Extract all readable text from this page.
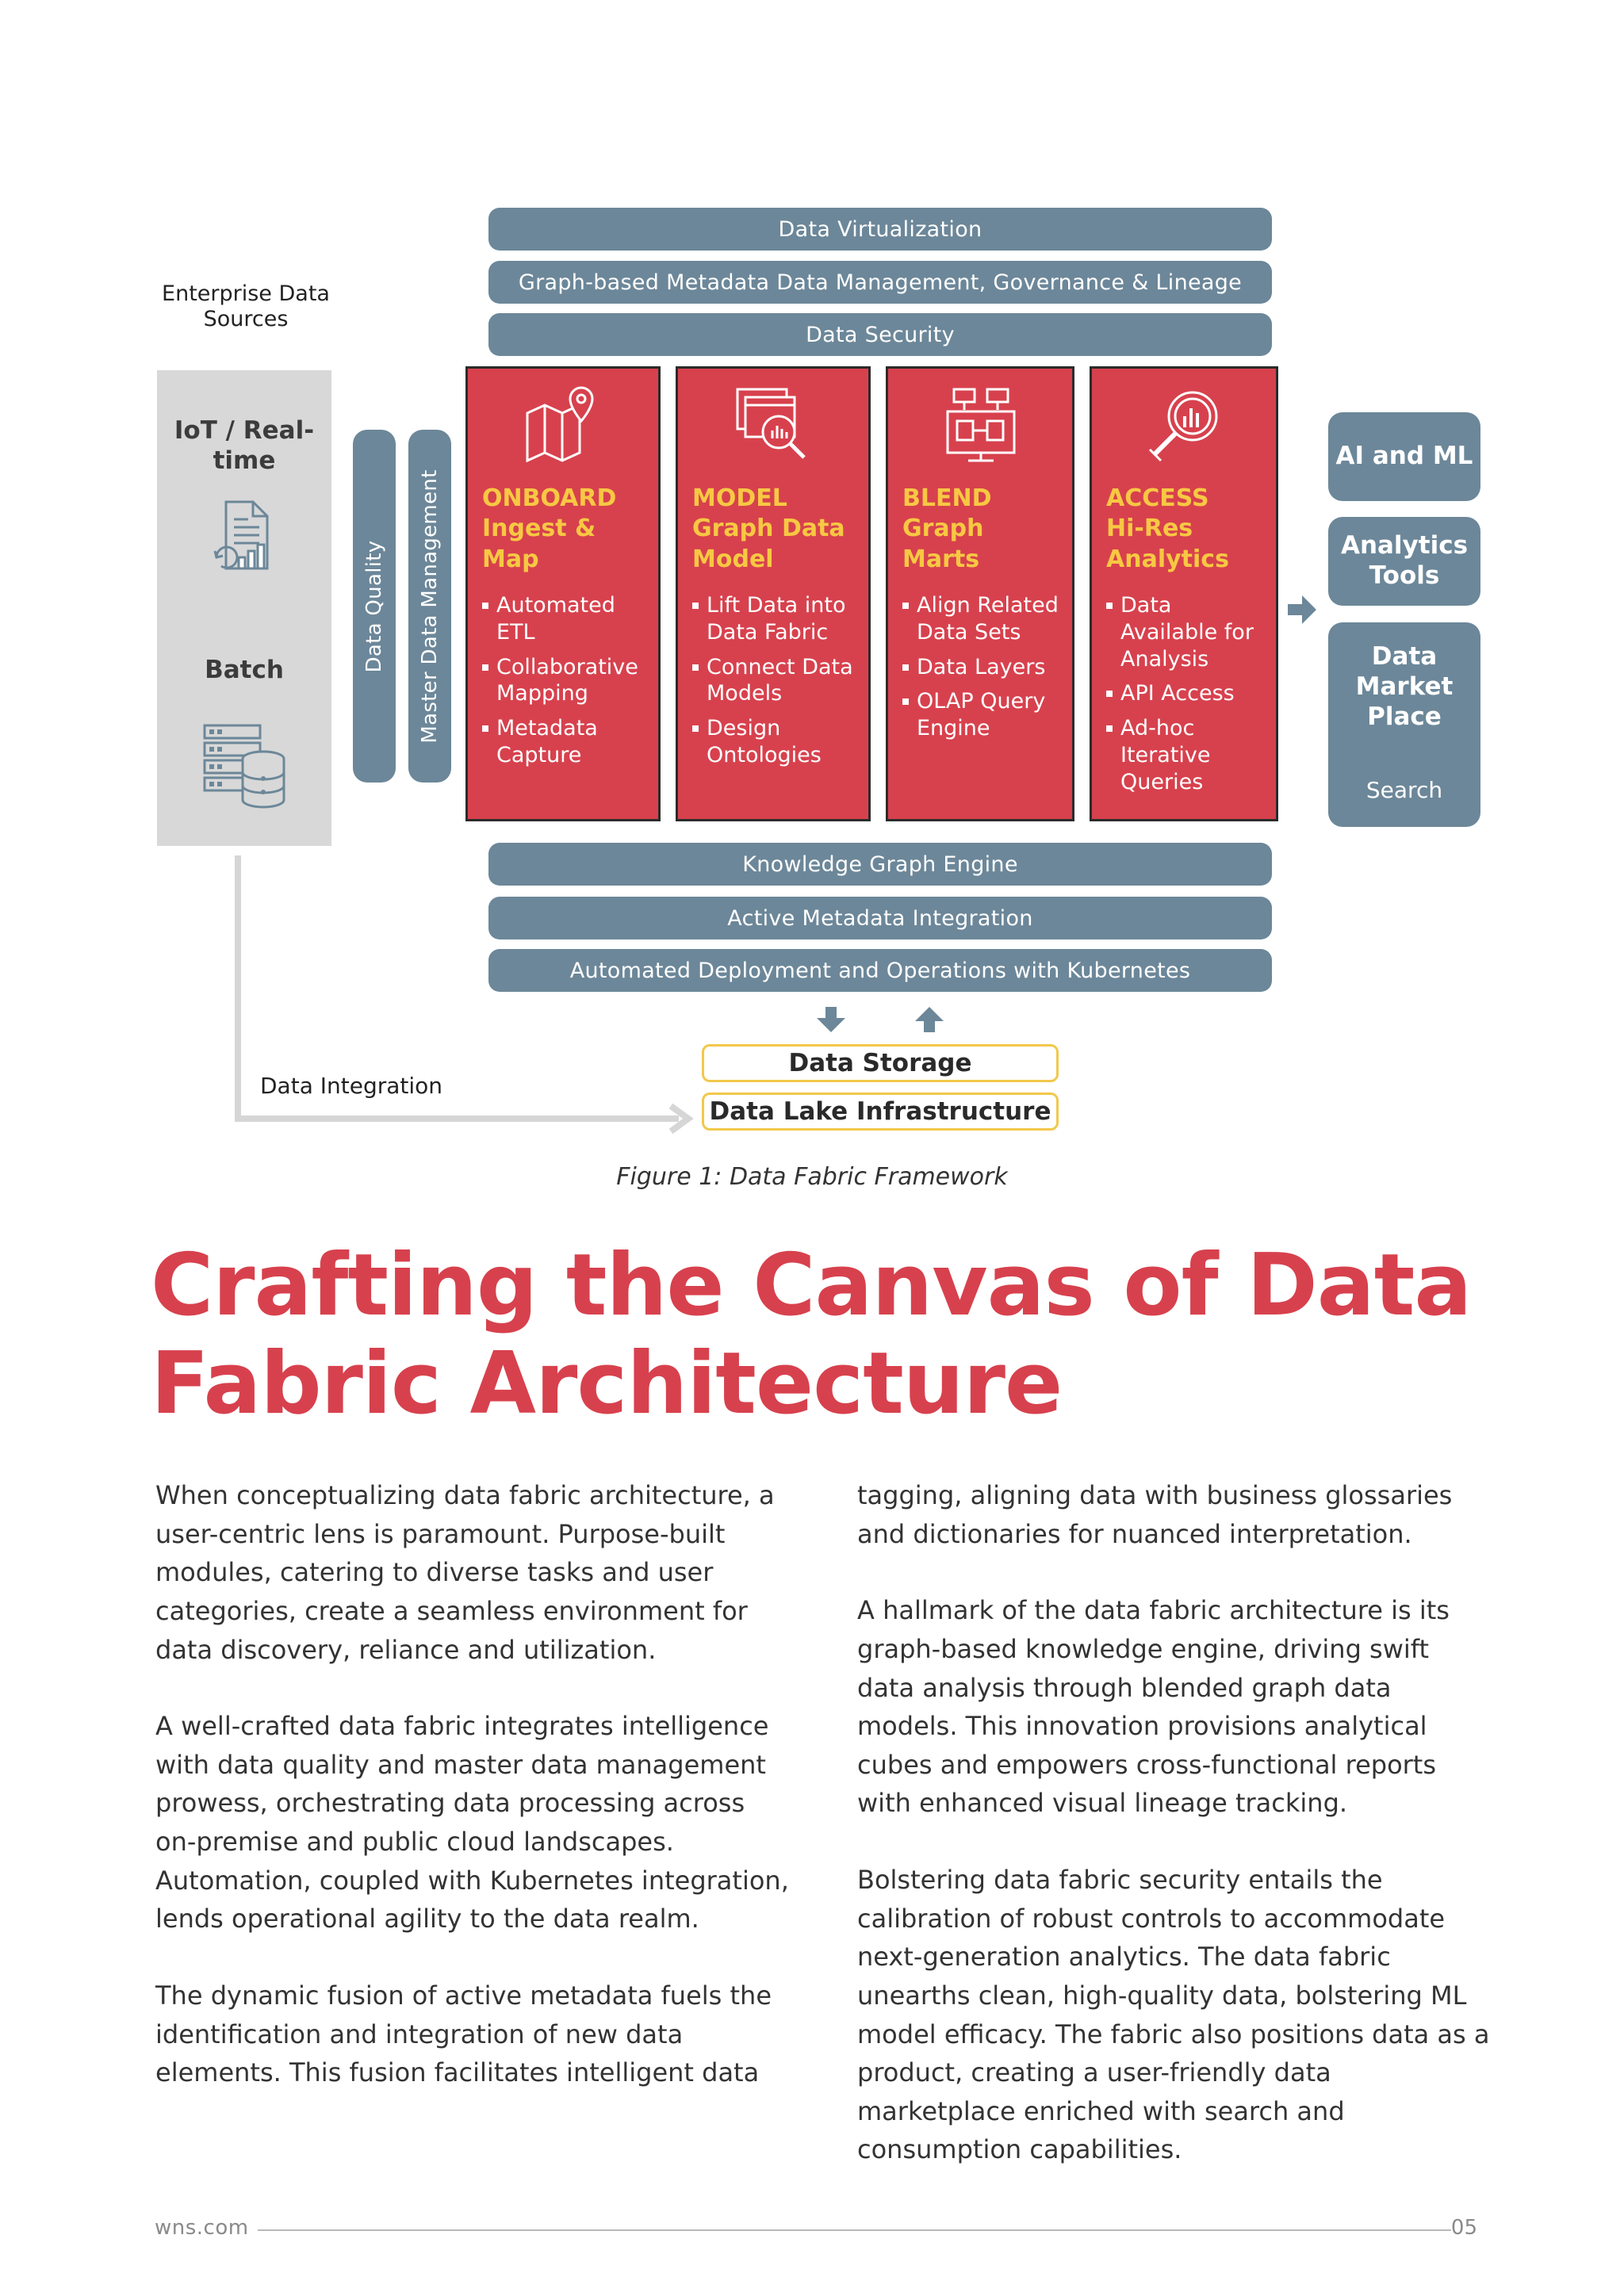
Data Virtualization
Graph-based Metadata Data Management, Governance & Lineage
Data Security
Enterprise Data Sources
IoT / Real-time
Batch	Data Quality Master Data Management ONBOARD
Ingest &
Map
Automated ETL
Collaborative Mapping
Metadata Capture
MODEL
Graph Data
Model
Lift Data into Data Fabric
Connect Data Models
Design Ontologies
BLEND
Graph
Marts
Align Related Data Sets
Data Layers
OLAP Query Engine
ACCESS
Hi-Res
Analytics
Data Available for Analysis
API Access
Ad-hoc Iterative Queries
AI and ML
Analytics Tools
Data Market Place
Search
Knowledge Graph Engine
Active Metadata Integration
Automated Deployment and Operations with Kubernetes
Data Storage
Data Lake Infrastructure
Data Integration
Figure 1: Data Fabric Framework
Crafting the Canvas of Data
Fabric Architecture

When conceptualizing data fabric architecture, a user-centric lens is paramount. Purpose-built modules, catering to diverse tasks and user categories, create a seamless environment for data discovery, reliance and utilization.

A well-crafted data fabric integrates intelligence with data quality and master data management prowess, orchestrating data processing across on-premise and public cloud landscapes. Automation, coupled with Kubernetes integration, lends operational agility to the data realm.

The dynamic fusion of active metadata fuels the identification and integration of new data elements. This fusion facilitates intelligent data

tagging, aligning data with business glossaries and dictionaries for nuanced interpretation.

A hallmark of the data fabric architecture is its graph-based knowledge engine, driving swift data analysis through blended graph data models. This innovation provisions analytical cubes and empowers cross-functional reports with enhanced visual lineage tracking.

Bolstering data fabric security entails the calibration of robust controls to accommodate next-generation analytics. The data fabric unearths clean, high-quality data, bolstering ML model efficacy. The fabric also positions data as a product, creating a user-friendly data marketplace enriched with search and consumption capabilities.

wns.com	05
